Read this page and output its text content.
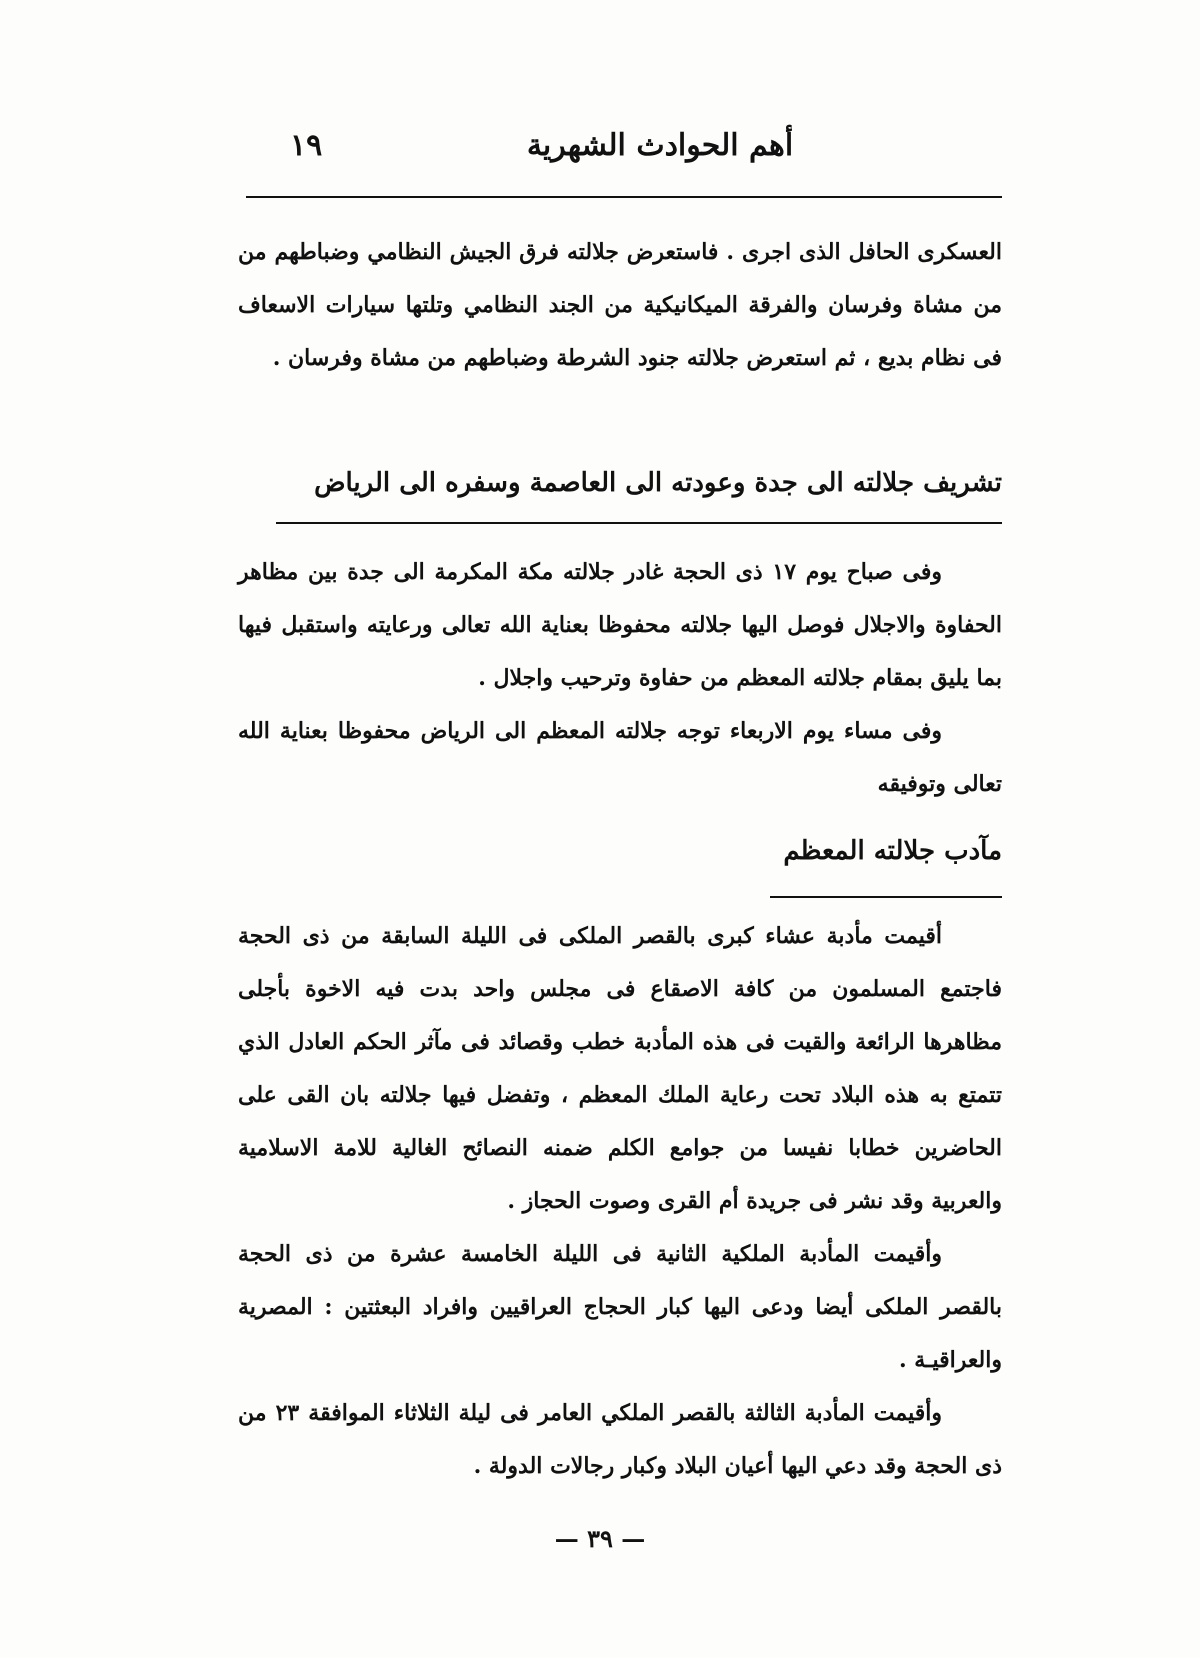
١٩	أهم الحوادث الشهرية

العسكرى الحافل الذى اجرى . فاستعرض جلالته فرق الجيش النظامي وضباطهم من من مشاة وفرسان والفرقة الميكانيكية من الجند النظامي وتلتها سيارات الاسعاف فى نظام بديع ، ثم استعرض جلالته جنود الشرطة وضباطهم من مشاة وفرسان .

تشريف جلالته الى جدة وعودته الى العاصمة وسفره الى الرياض

وفى صباح يوم ١٧ ذى الحجة غادر جلالته مكة المكرمة الى جدة بين مظاهر الحفاوة والاجلال فوصل اليها جلالته محفوظا بعناية الله تعالى ورعايته واستقبل فيها بما يليق بمقام جلالته المعظم من حفاوة وترحيب واجلال .

وفى مساء يوم الاربعاء توجه جلالته المعظم الى الرياض محفوظا بعناية الله تعالى وتوفيقه

مآدب جلالته المعظم

أقيمت مأدبة عشاء كبرى بالقصر الملكى فى الليلة السابقة من ذى الحجة فاجتمع المسلمون من كافة الاصقاع فى مجلس واحد بدت فيه الاخوة بأجلى مظاهرها الرائعة والقيت فى هذه المأدبة خطب وقصائد فى مآثر الحكم العادل الذي تتمتع به هذه البلاد تحت رعاية الملك المعظم ، وتفضل فيها جلالته بان القى على الحاضرين خطابا نفيسا من جوامع الكلم ضمنه النصائح الغالية للامة الاسلامية والعربية وقد نشر فى جريدة أم القرى وصوت الحجاز .

وأقيمت المأدبة الملكية الثانية فى الليلة الخامسة عشرة من ذى الحجة بالقصر الملكى أيضا ودعى اليها كبار الحجاج العراقيين وافراد البعثتين : المصرية والعراقيـة .

وأقيمت المأدبة الثالثة بالقصر الملكي العامر فى ليلة الثلاثاء الموافقة ٢٣ من ذى الحجة وقد دعي اليها أعيان البلاد وكبار رجالات الدولة .

— ٣٩ —
